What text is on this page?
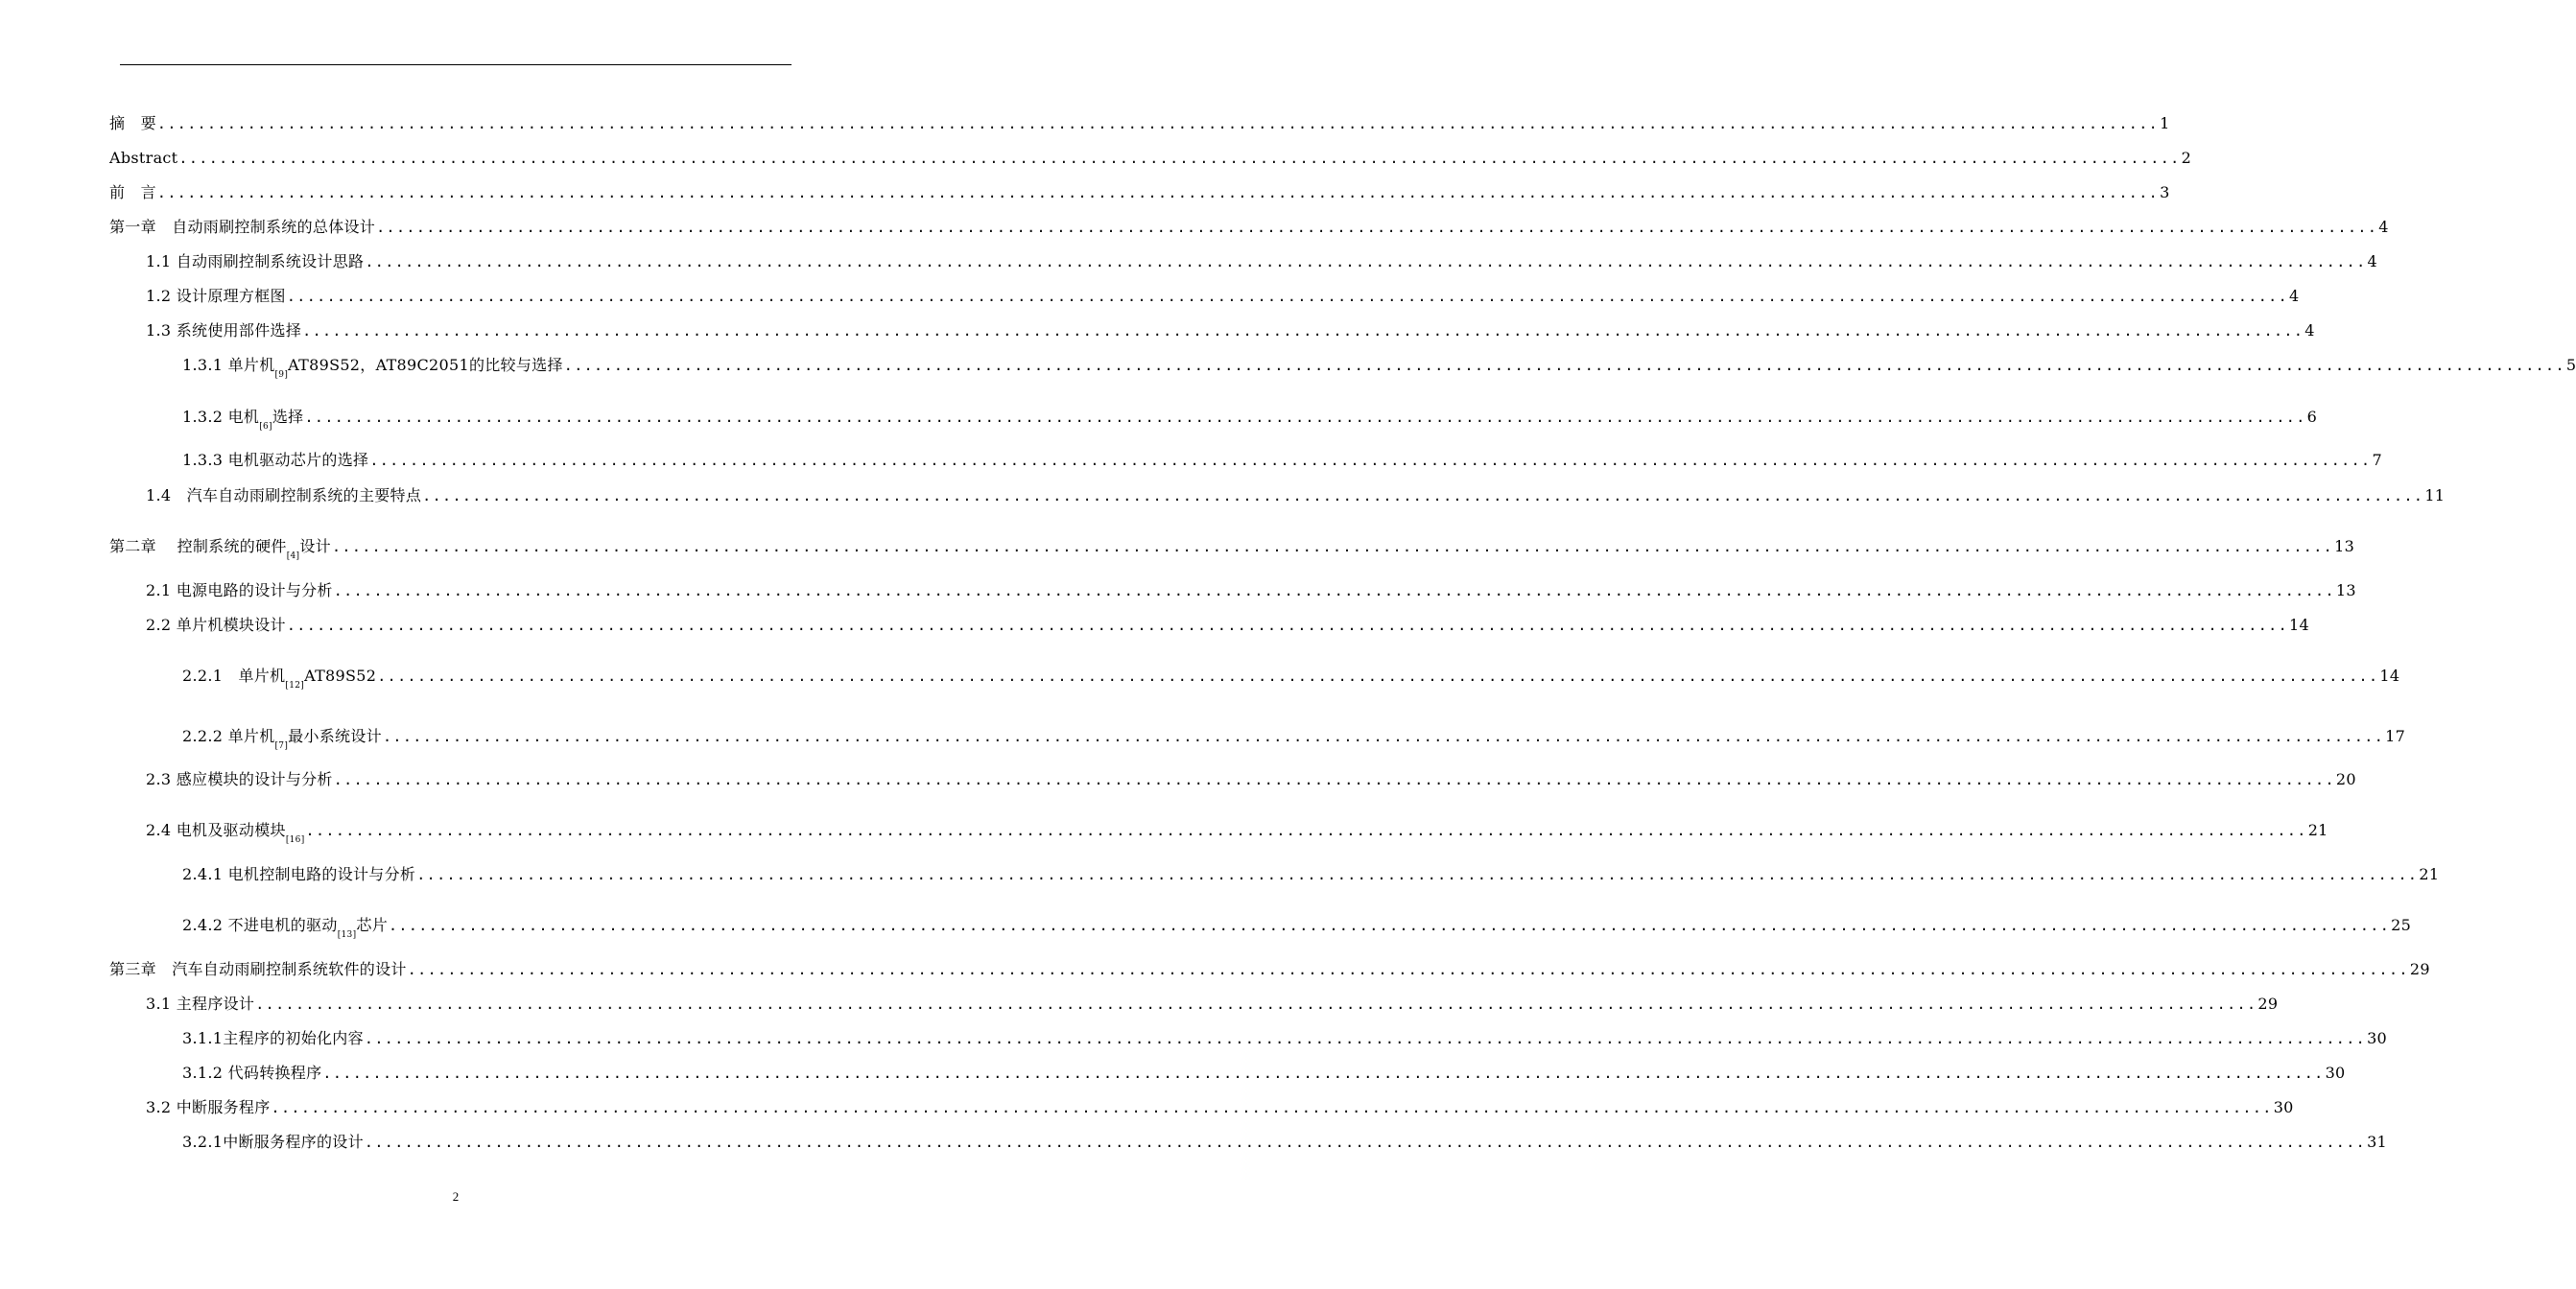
摘　要 ........................................................................................................................................................................................................ 1
Abstract ........................................................................................................................................................................................................ 2
前　言 ........................................................................................................................................................................................................ 3
第一章　自动雨刷控制系统的总体设计 ........................................................................................................................................................................................................ 4
1.1 自动雨刷控制系统设计思路 ........................................................................................................................................................................................................ 4
1.2 设计原理方框图 ........................................................................................................................................................................................................ 4
1.3 系统使用部件选择 ........................................................................................................................................................................................................ 4
1.3.1 单片机
[9]
AT89S52，AT89C2051的比较与选择 ........................................................................................................................................................................................................ 5
1.3.2 电机
[6]
选择 ........................................................................................................................................................................................................ 6
1.3.3 电机驱动芯片的选择 ........................................................................................................................................................................................................ 7
1.4　汽车自动雨刷控制系统的主要特点 ........................................................................................................................................................................................................ 11
第二章　 控制系统的硬件
[4]
设计 ........................................................................................................................................................................................................ 13
2.1 电源电路的设计与分析 ........................................................................................................................................................................................................ 13
2.2 单片机模块设计 ........................................................................................................................................................................................................ 14
2.2.1　单片机
[12]
AT89S52 ........................................................................................................................................................................................................ 14
2.2.2 单片机
[7]
最小系统设计 ........................................................................................................................................................................................................ 17
2.3 感应模块的设计与分析 ........................................................................................................................................................................................................ 20
2.4 电机及驱动模块
[16]
........................................................................................................................................................................................................ 21
2.4.1 电机控制电路的设计与分析 ........................................................................................................................................................................................................ 21
2.4.2 不进电机的驱动
[13]
芯片 ........................................................................................................................................................................................................ 25
第三章　汽车自动雨刷控制系统软件的设计 ........................................................................................................................................................................................................ 29
3.1 主程序设计 ........................................................................................................................................................................................................ 29
3.1.1主程序的初始化内容 ........................................................................................................................................................................................................ 30
3.1.2 代码转换程序 ........................................................................................................................................................................................................ 30
3.2 中断服务程序 ........................................................................................................................................................................................................ 30
3.2.1中断服务程序的设计 ........................................................................................................................................................................................................ 31
2
